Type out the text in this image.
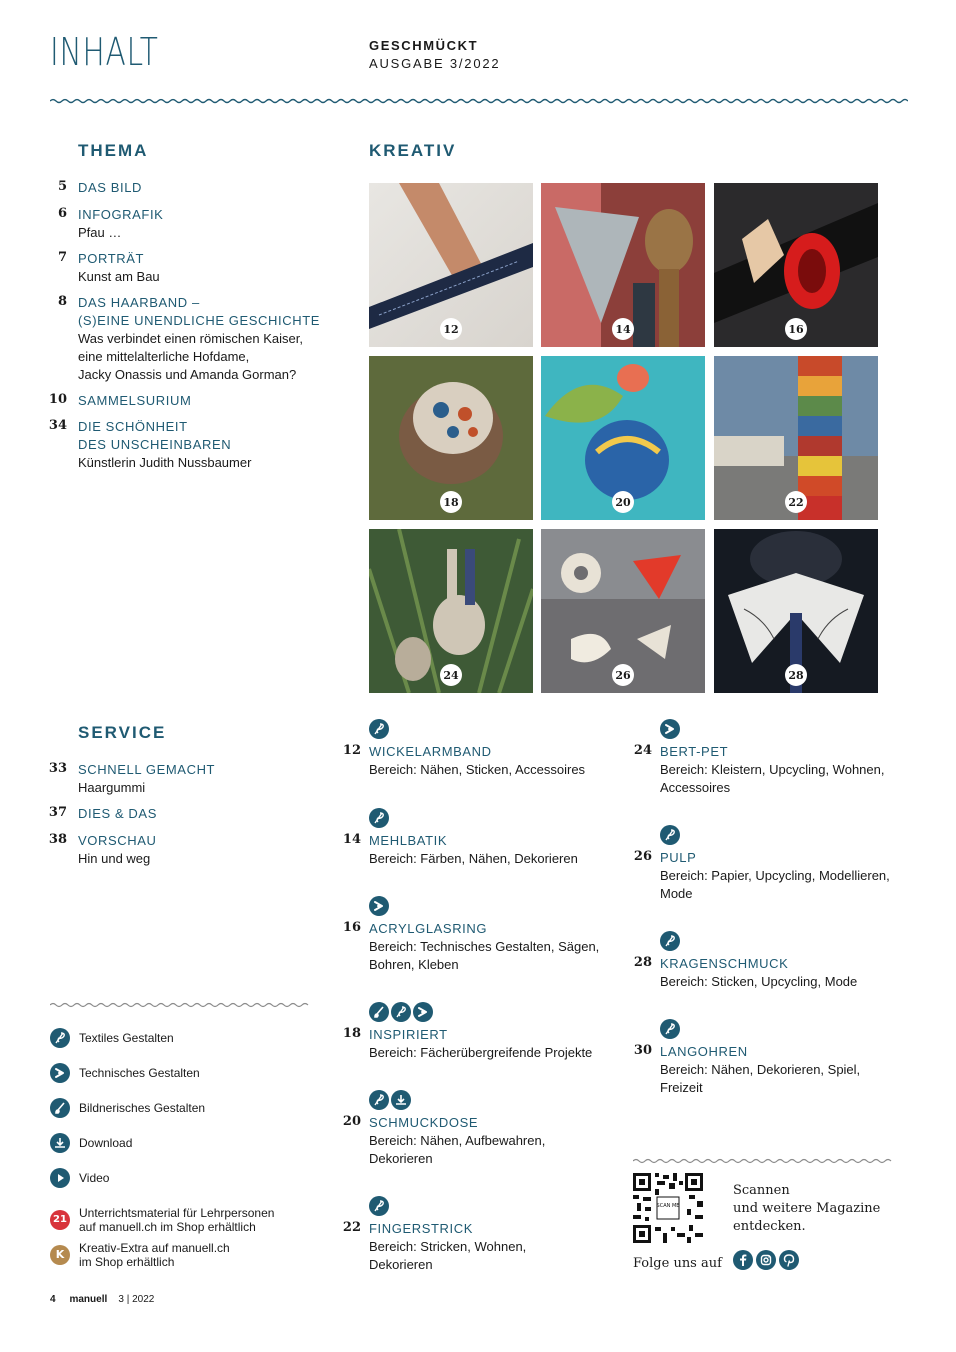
INHALT	GESCHMÜCKT
AUSGABE 3/2022
THEMA
5 DAS BILD
6 INFOGRAFIK
Pfau …
7 PORTRÄT
Kunst am Bau
8 DAS HAARBAND –
(S)EINE UNENDLICHE GESCHICHTE
Was verbindet einen römischen Kaiser,
eine mittelalterliche Hofdame,
Jacky Onassis und Amanda Gorman?
10 SAMMELSURIUM
34 DIE SCHÖNHEIT
DES UNSCHEINBAREN
Künstlerin Judith Nussbaumer
KREATIV
12	14	16
18	20	22
24	26	28
SERVICE
33 SCHNELL GEMACHT
Haargummi
37 DIES & DAS
38 VORSCHAU
Hin und weg
Textiles Gestalten
Technisches Gestalten
Bildnerisches Gestalten
Download
Video
21 Unterrichtsmaterial für Lehrpersonen
auf manuell.ch im Shop erhältlich
K	Kreativ-Extra auf manuell.ch
im Shop erhältlich
12 WICKELARMBAND
Bereich: Nähen, Sticken, Accessoires
14 MEHLBATIK
Bereich: Färben, Nähen, Dekorieren
16 ACRYLGLASRING
Bereich: Technisches Gestalten, Sägen,
Bohren, Kleben
18 INSPIRIERT
Bereich: Fächerübergreifende Projekte
20 SCHMUCKDOSE
Bereich: Nähen, Aufbewahren,
Dekorieren
22 FINGERSTRICK
Bereich: Stricken, Wohnen,
Dekorieren
24 BERT-PET
Bereich: Kleistern, Upcycling, Wohnen,
Accessoires
26 PULP
Bereich: Papier, Upcycling, Modellieren,
Mode
28 KRAGENSCHMUCK
Bereich: Sticken, Upcycling, Mode
30 LANGOHREN
Bereich: Nähen, Dekorieren, Spiel,
Freizeit
SCAN ME
Scannen
und weitere Magazine
entdecken.
Folge uns auf
4 manuell 3 | 2022
